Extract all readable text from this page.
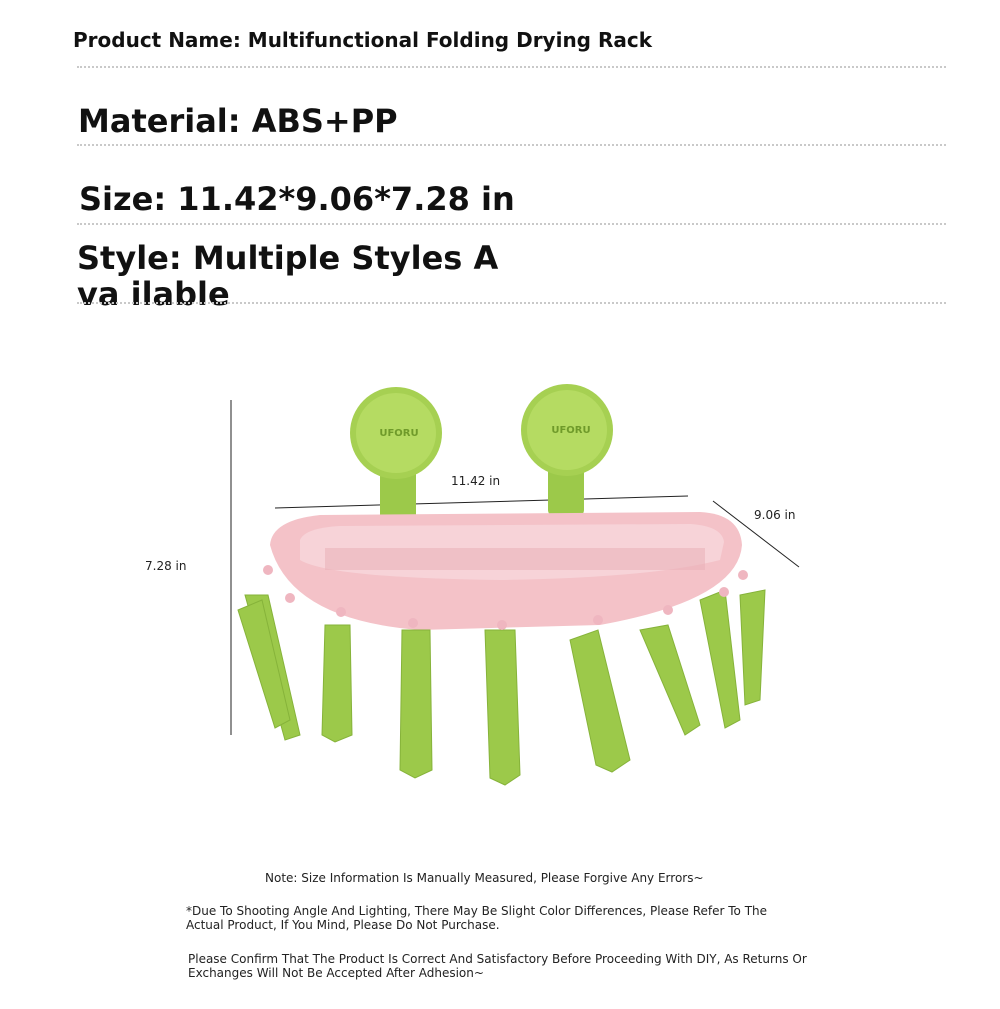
Product Name: Multifunctional Folding Drying Rack
Material: ABS+PP
Size: 11.42*9.06*7.28 in
Style: Multiple Styles Ava ilable
UFORU	UFORU
11.42 in
9.06 in
7.28 in
Note: Size Information Is Manually Measured, Please Forgive Any Errors~
*Due To Shooting Angle And Lighting, There May Be Slight Color Differences, Please Refer To The Actual Product, If You Mind, Please Do Not Purchase.
Please Confirm That The Product Is Correct And Satisfactory Before Proceeding With DIY, As Returns Or Exchanges Will Not Be Accepted After Adhesion~
